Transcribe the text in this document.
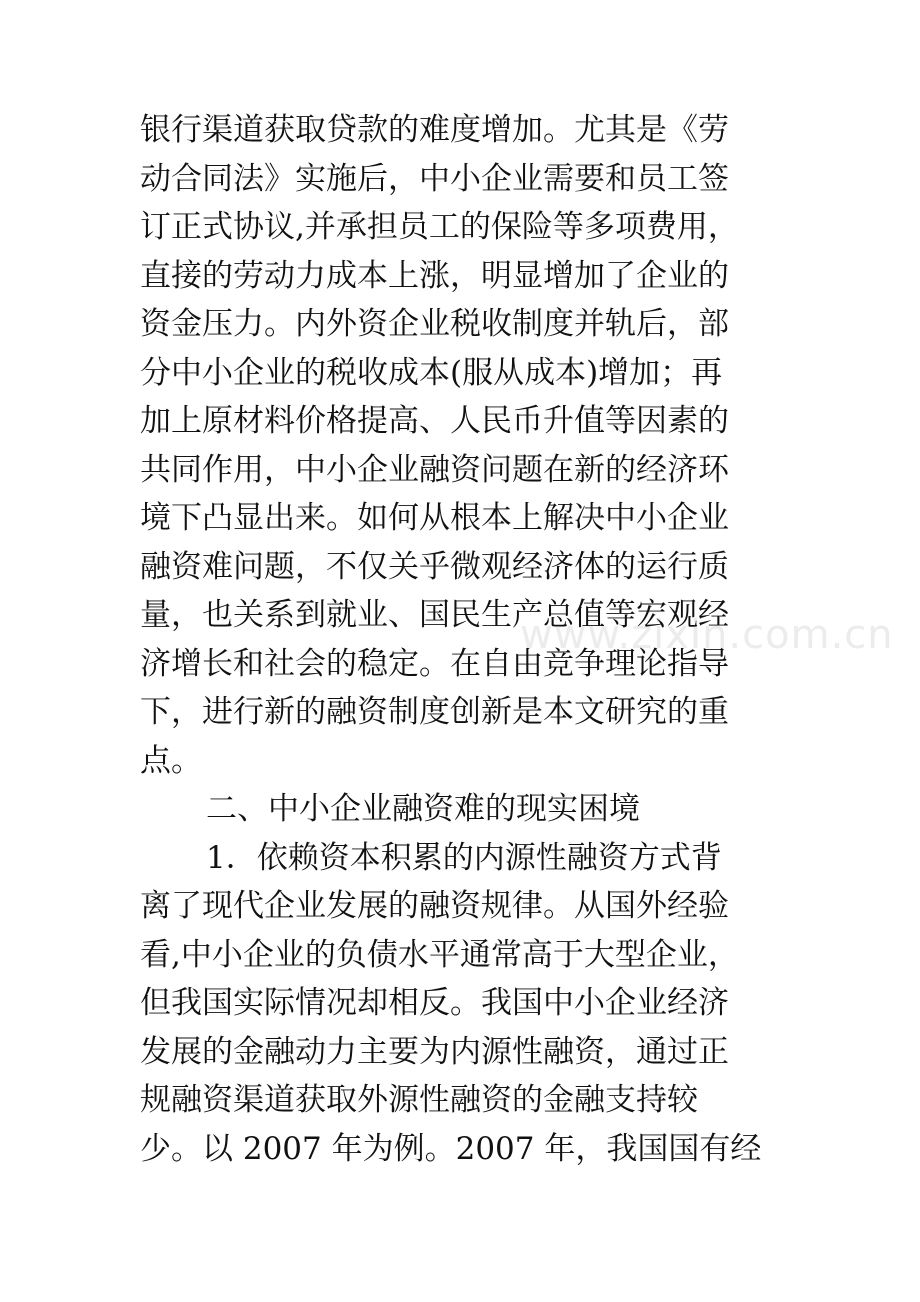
银行渠道获取贷款的难度增加。尤其是《劳
动合同法》实施后，中小企业需要和员工签
订正式协议,并承担员工的保险等多项费用，
直接的劳动力成本上涨，明显增加了企业的
资金压力。内外资企业税收制度并轨后，部
分中小企业的税收成本(服从成本)增加；再
加上原材料价格提高、人民币升值等因素的
共同作用，中小企业融资问题在新的经济环
境下凸显出来。如何从根本上解决中小企业
融资难问题，不仅关乎微观经济体的运行质
量，也关系到就业、国民生产总值等宏观经
济增长和社会的稳定。在自由竞争理论指导
下，进行新的融资制度创新是本文研究的重
点。
二、中小企业融资难的现实困境
1．依赖资本积累的内源性融资方式背
离了现代企业发展的融资规律。从国外经验
看,中小企业的负债水平通常高于大型企业，
但我国实际情况却相反。我国中小企业经济
发展的金融动力主要为内源性融资，通过正
规融资渠道获取外源性融资的金融支持较
少。以 2007 年为例。2007 年，我国国有经
www.zixin.com.cn
